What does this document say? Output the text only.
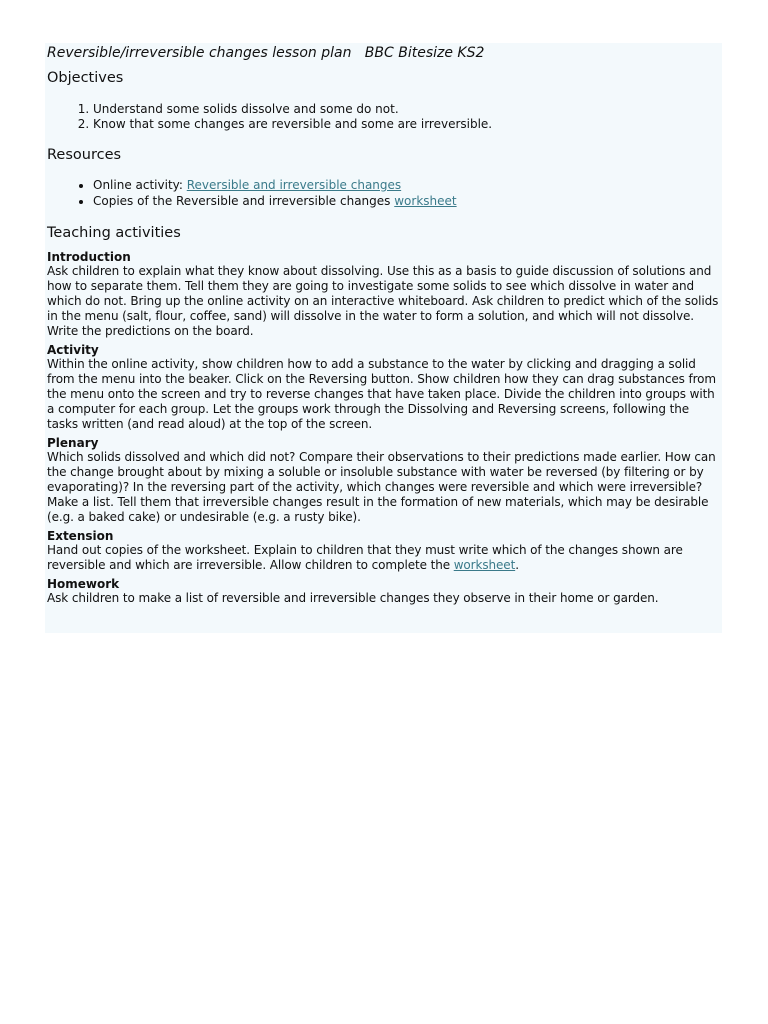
Reversible/irreversible changes lesson plan   BBC Bitesize KS2
Objectives
1. Understand some solids dissolve and some do not.
2. Know that some changes are reversible and some are irreversible.
Resources
• Online activity: Reversible and irreversible changes
• Copies of the Reversible and irreversible changes worksheet
Teaching activities
Introduction

Ask children to explain what they know about dissolving. Use this as a basis to guide discussion of solutions and how to separate them. Tell them they are going to investigate some solids to see which dissolve in water and which do not. Bring up the online activity on an interactive whiteboard. Ask children to predict which of the solids in the menu (salt, flour, coffee, sand) will dissolve in the water to form a solution, and which will not dissolve. Write the predictions on the board.

Activity

Within the online activity, show children how to add a substance to the water by clicking and dragging a solid from the menu into the beaker. Click on the Reversing button. Show children how they can drag substances from the menu onto the screen and try to reverse changes that have taken place. Divide the children into groups with a computer for each group. Let the groups work through the Dissolving and Reversing screens, following the tasks written (and read aloud) at the top of the screen.

Plenary

Which solids dissolved and which did not? Compare their observations to their predictions made earlier. How can the change brought about by mixing a soluble or insoluble substance with water be reversed (by filtering or by evaporating)? In the reversing part of the activity, which changes were reversible and which were irreversible? Make a list. Tell them that irreversible changes result in the formation of new materials, which may be desirable (e.g. a baked cake) or undesirable (e.g. a rusty bike).

Extension

Hand out copies of the worksheet. Explain to children that they must write which of the changes shown are reversible and which are irreversible. Allow children to complete the worksheet.

Homework

Ask children to make a list of reversible and irreversible changes they observe in their home or garden.
